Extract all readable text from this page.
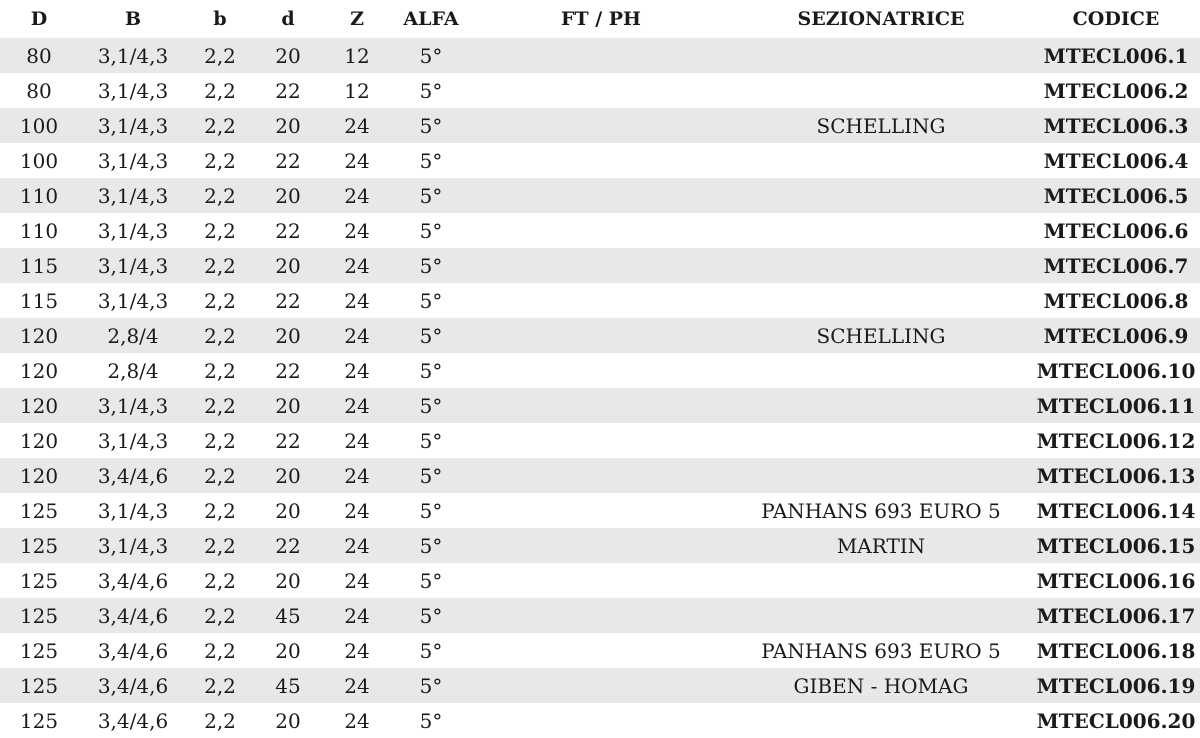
D	B	b	d	Z	ALFA	FT / PH	SEZIONATRICE	CODICE
80	3,1/4,3	2,2	20	12	5°			MTECL006.1
80	3,1/4,3	2,2	22	12	5°			MTECL006.2
100	3,1/4,3	2,2	20	24	5°		SCHELLING	MTECL006.3
100	3,1/4,3	2,2	22	24	5°			MTECL006.4
110	3,1/4,3	2,2	20	24	5°			MTECL006.5
110	3,1/4,3	2,2	22	24	5°			MTECL006.6
115	3,1/4,3	2,2	20	24	5°			MTECL006.7
115	3,1/4,3	2,2	22	24	5°			MTECL006.8
120	2,8/4	2,2	20	24	5°		SCHELLING	MTECL006.9
120	2,8/4	2,2	22	24	5°			MTECL006.10
120	3,1/4,3	2,2	20	24	5°			MTECL006.11
120	3,1/4,3	2,2	22	24	5°			MTECL006.12
120	3,4/4,6	2,2	20	24	5°			MTECL006.13
125	3,1/4,3	2,2	20	24	5°		PANHANS 693 EURO 5	MTECL006.14
125	3,1/4,3	2,2	22	24	5°		MARTIN	MTECL006.15
125	3,4/4,6	2,2	20	24	5°			MTECL006.16
125	3,4/4,6	2,2	45	24	5°			MTECL006.17
125	3,4/4,6	2,2	20	24	5°		PANHANS 693 EURO 5	MTECL006.18
125	3,4/4,6	2,2	45	24	5°		GIBEN - HOMAG	MTECL006.19
125	3,4/4,6	2,2	20	24	5°			MTECL006.20
